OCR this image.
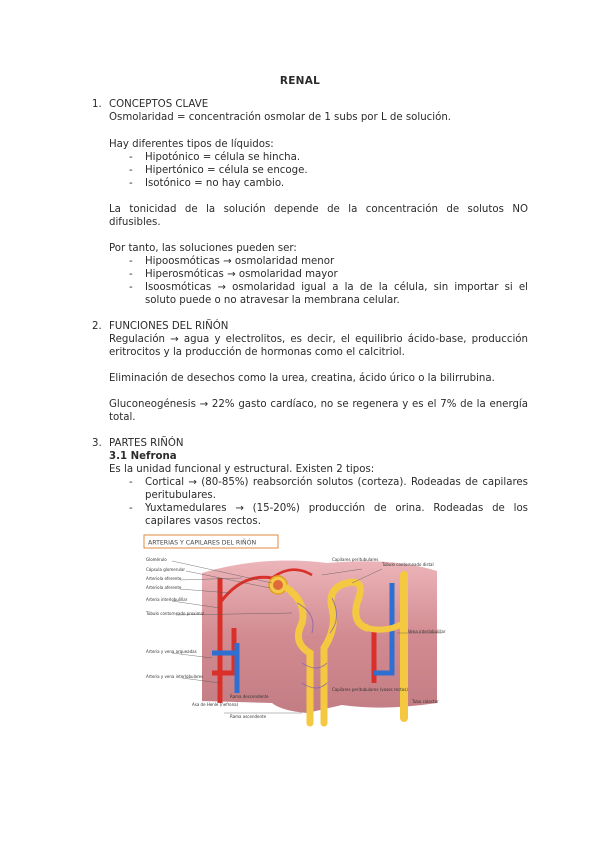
RENAL
1. CONCEPTOS CLAVE
Osmolaridad = concentración osmolar de 1 subs por L de solución.
Hay diferentes tipos de líquidos:
- Hipotónico = célula se hincha.
- Hipertónico = célula se encoge.
- Isotónico = no hay cambio.
La tonicidad de la solución depende de la concentración de solutos NO
difusibles.
Por tanto, las soluciones pueden ser:
- Hipoosmóticas → osmolaridad menor
- Hiperosmóticas → osmolaridad mayor
- Isoosmóticas → osmolaridad igual a la de la célula, sin importar si el
soluto puede o no atravesar la membrana celular.
2. FUNCIONES DEL RIÑÓN
Regulación → agua y electrolitos, es decir, el equilibrio ácido-base, producción
eritrocitos y la producción de hormonas como el calcitriol.
Eliminación de desechos como la urea, creatina, ácido úrico o la bilirrubina.
Gluconeogénesis → 22% gasto cardíaco, no se regenera y es el 7% de la energía
total.
3. PARTES RIÑÓN
3.1 Nefrona
Es la unidad funcional y estructural. Existen 2 tipos:
- Cortical → (80-85%) reabsorción solutos (corteza). Rodeadas de capilares
peritubulares.
- Yuxtamedulares → (15-20%) producción de orina. Rodeadas de los
capilares vasos rectos.
ARTERIAS Y CAPILARES DEL RIÑÓN
Glomérulo
Cápsula glomerular
Arteriola eferente
Arteriola aferente
Arteria interlobulillar
Túbulo contorneado proximal
Arteria y vena arqueadas
Arteria y vena interlobulares
Capilares peritubulares
Túbulo contorneado distal
Vena interlobulillar
Asa de Henle (nefrona)
Rama descendente
Rama ascendente
Capilares peritubulares (vasos rectos)
Tubo colector
